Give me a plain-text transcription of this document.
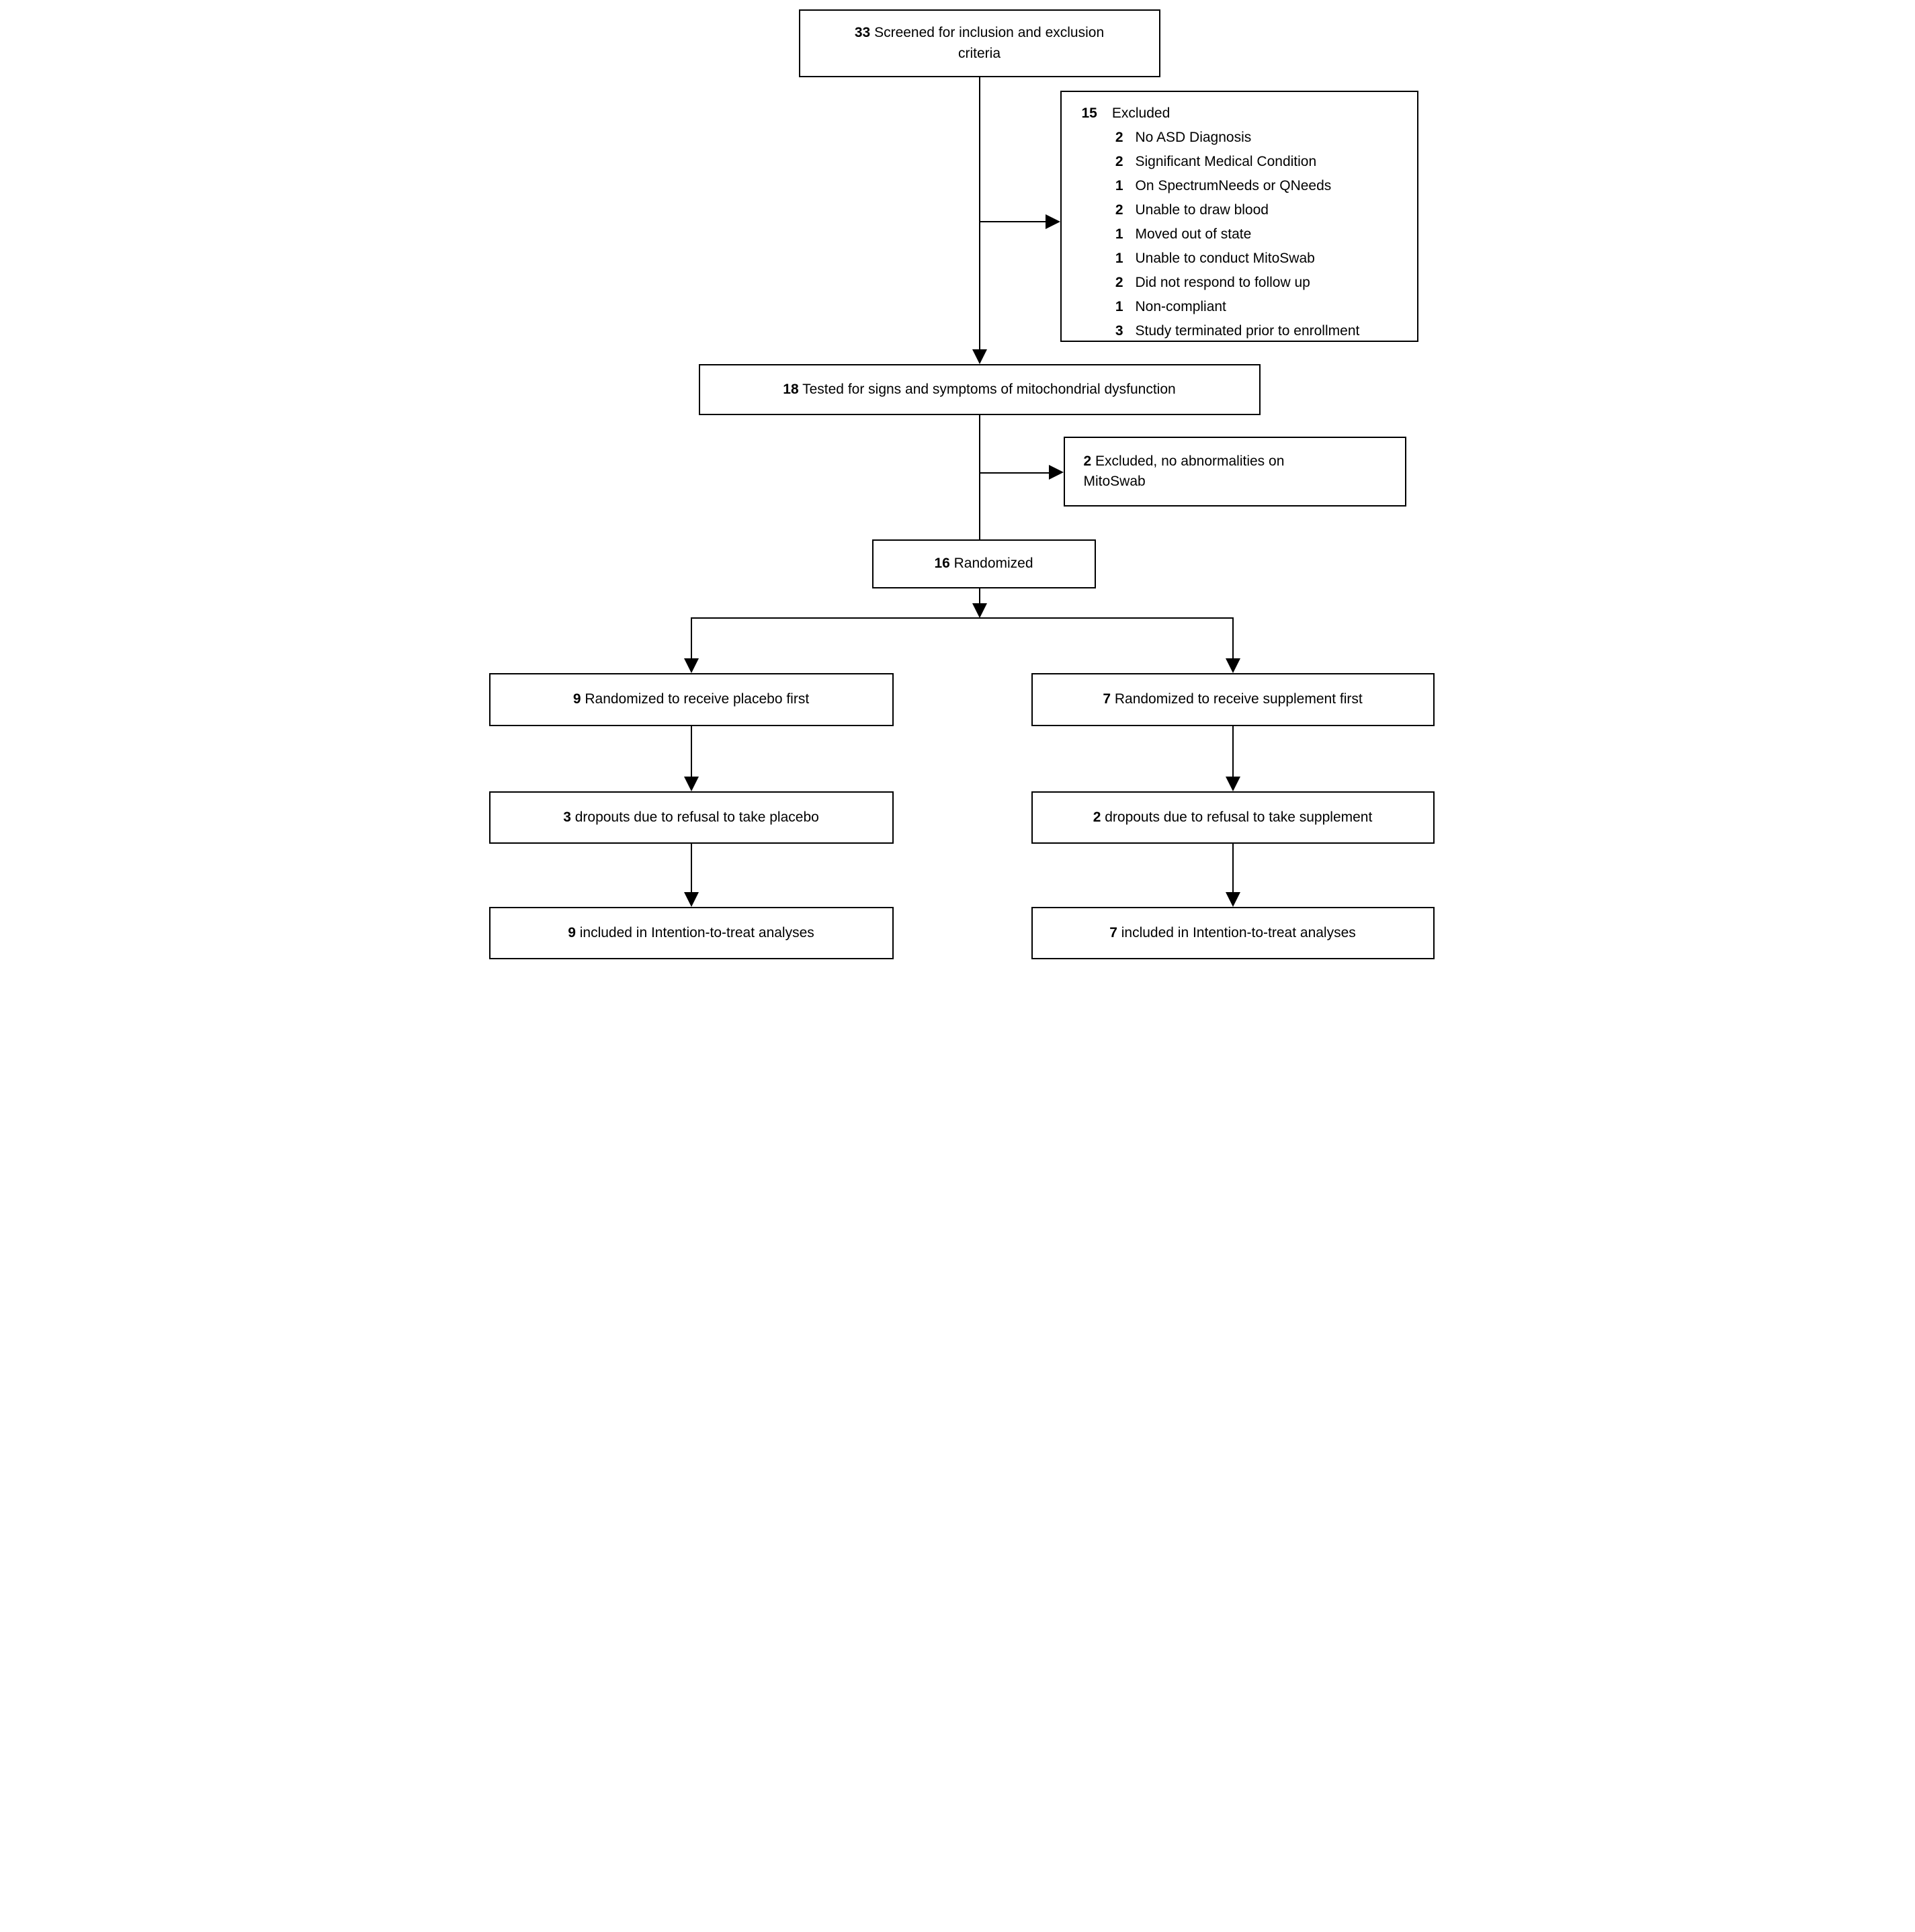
33 Screened for inclusion and exclusion criteria
15 Excluded
2 No ASD Diagnosis
2 Significant Medical Condition
1 On SpectrumNeeds or QNeeds
2 Unable to draw blood
1 Moved out of state
1 Unable to conduct MitoSwab
2 Did not respond to follow up
1 Non-compliant
3 Study terminated prior to enrollment
18 Tested for signs and symptoms of mitochondrial dysfunction
2 Excluded, no abnormalities on MitoSwab
16 Randomized
9 Randomized to receive placebo first	7 Randomized to receive supplement first
3 dropouts due to refusal to take placebo	2 dropouts due to refusal to take supplement
9 included in Intention-to-treat analyses	7 included in Intention-to-treat analyses
